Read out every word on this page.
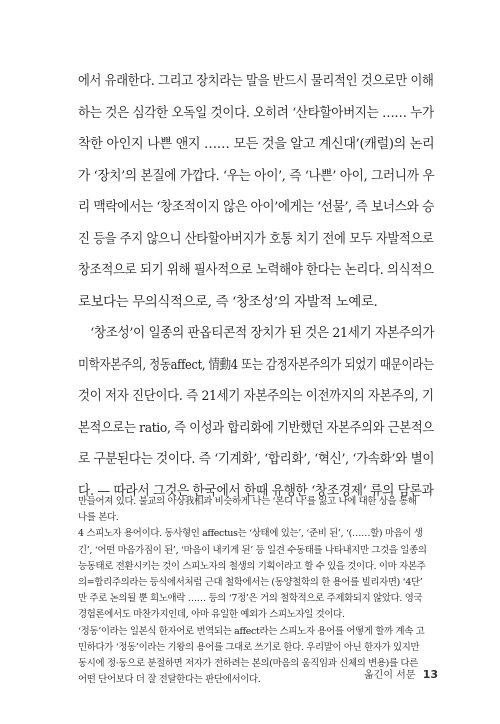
에서 유래한다. 그리고 장치라는 말을 반드시 물리적인 것으로만 이해
하는 것은 심각한 오독일 것이다. 오히려 ‘산타할아버지는 …… 누가
착한 아인지 나쁜 앤지 …… 모든 것을 알고 계신대’(캐럴)의 논리
가 ‘장치’의 본질에 가깝다. ‘우는 아이’, 즉 ‘나쁜’ 아이, 그러니까 우
리 맥락에서는 ‘창조적이지 않은 아이’에게는 ‘선물’, 즉 보너스와 승
진 등을 주지 않으니 산타할아버지가 호통 치기 전에 모두 자발적으로
창조적으로 되기 위해 필사적으로 노력해야 한다는 논리다. 의식적으
로보다는 무의식적으로, 즉 ‘창조성’의 자발적 노예로.
　‘창조성’이 일종의 판옵티콘적 장치가 된 것은 21세기 자본주의가
미학자본주의, 정동affect, 情動4 또는 감정자본주의가 되었기 때문이라는
것이 저자 진단이다. 즉 21세기 자본주의는 이전까지의 자본주의, 기
본적으로는 ratio, 즉 이성과 합리화에 기반했던 자본주의와 근본적으
로 구분된다는 것이다. 즉 ‘기계화’, ‘합리화’, ‘혁신’, ‘가속화’와 별이
다. — 따라서 그것은 한국에서 한때 유행한 ‘창조경제’ 류의 담론과
만들어져 있다. 불교의 아상我相과 비슷하게 나는 ‘본디 나’를 잃고 나에 대한 상을 통해
나를 본다.
4 스피노자 용어이다. 동사형인 affectus는 ‘상태에 있는’, ‘준비 된’, ‘(……할) 마음이 생
긴’, ‘어떤 마음가짐이 된’, ‘마음이 내키게 된’ 등 일견 수동태를 나타내지만 그것을 일종의
능동태로 전환시키는 것이 스피노자의 철생의 기획이라고 할 수 있을 것이다. 이마 자본주
의=합리주의라는 등식에서처럼 근대 철학에서는 (동양철학의 한 용어를 빌리자면) ‘4단’
만 주로 논의될 뿐 희노애락 …… 등의 ‘7정’은 거의 철학적으로 주제화되지 않았다. 영국
경험론에서도 마찬가지인데, 아마 유일한 예외가 스피노자일 것이다.
‘정동’이라는 일본식 한자어로 번역되는 affect라는 스피노자 용어를 어떻게 할까 계속 고
민하다가 ‘정동’이라는 기왕의 용어를 그대로 쓰기로 한다. 우리말이 아닌 한자가 있지만
동시에 정·동으로 분절하면 저자가 전하려는 본의(마음의 움직임과 신체의 변용)를 다른
어떤 단어보다 더 잘 전달한다는 판단에서이다.	옮긴이 서문 13
